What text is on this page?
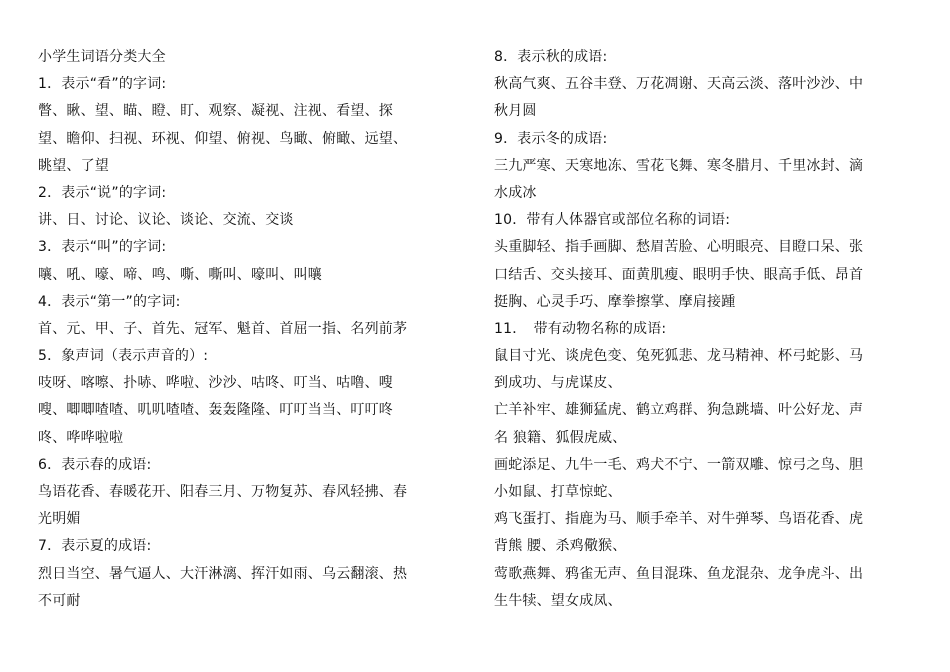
小学生词语分类大全
1．表示“看”的字词:
瞥、瞅、望、瞄、瞪、盯、观察、凝视、注视、看望、探
望、瞻仰、扫视、环视、仰望、俯视、鸟瞰、俯瞰、远望、
眺望、了望
2．表示“说”的字词:
讲、日、讨论、议论、谈论、交流、交谈
3．表示“叫”的字词:
嚷、吼、嚎、啼、鸣、嘶、嘶叫、嚎叫、叫嚷
4．表示“第一”的字词:
首、元、甲、子、首先、冠军、魁首、首屈一指、名列前茅
5．象声词（表示声音的）:
吱呀、喀嚓、扑哧、哗啦、沙沙、咕咚、叮当、咕噜、嗖
嗖、唧唧喳喳、叽叽喳喳、轰轰隆隆、叮叮当当、叮叮咚
咚、哗哗啦啦
6．表示春的成语:
鸟语花香、春暖花开、阳春三月、万物复苏、春风轻拂、春
光明媚
7．表示夏的成语:
烈日当空、暑气逼人、大汗淋漓、挥汗如雨、乌云翻滚、热
不可耐
8．表示秋的成语:
秋高气爽、五谷丰登、万花凋谢、天高云淡、落叶沙沙、中
秋月圆
9．表示冬的成语:
三九严寒、天寒地冻、雪花飞舞、寒冬腊月、千里冰封、滴
水成冰
10．带有人体器官或部位名称的词语:
头重脚轻、指手画脚、愁眉苦脸、心明眼亮、目瞪口呆、张
口结舌、交头接耳、面黄肌瘦、眼明手快、眼高手低、昂首
挺胸、心灵手巧、摩拳擦掌、摩肩接踵
11．　带有动物名称的成语:
鼠目寸光、谈虎色变、兔死狐悲、龙马精神、杯弓蛇影、马
到成功、与虎谋皮、
亡羊补牢、雄狮猛虎、鹤立鸡群、狗急跳墙、叶公好龙、声
名 狼籍、狐假虎威、
画蛇添足、九牛一毛、鸡犬不宁、一箭双雕、惊弓之鸟、胆
小如鼠、打草惊蛇、
鸡飞蛋打、指鹿为马、顺手牵羊、对牛弹琴、鸟语花香、虎
背熊 腰、杀鸡儆猴、
莺歌燕舞、鸦雀无声、鱼目混珠、鱼龙混杂、龙争虎斗、出
生牛犊、望女成凤、
